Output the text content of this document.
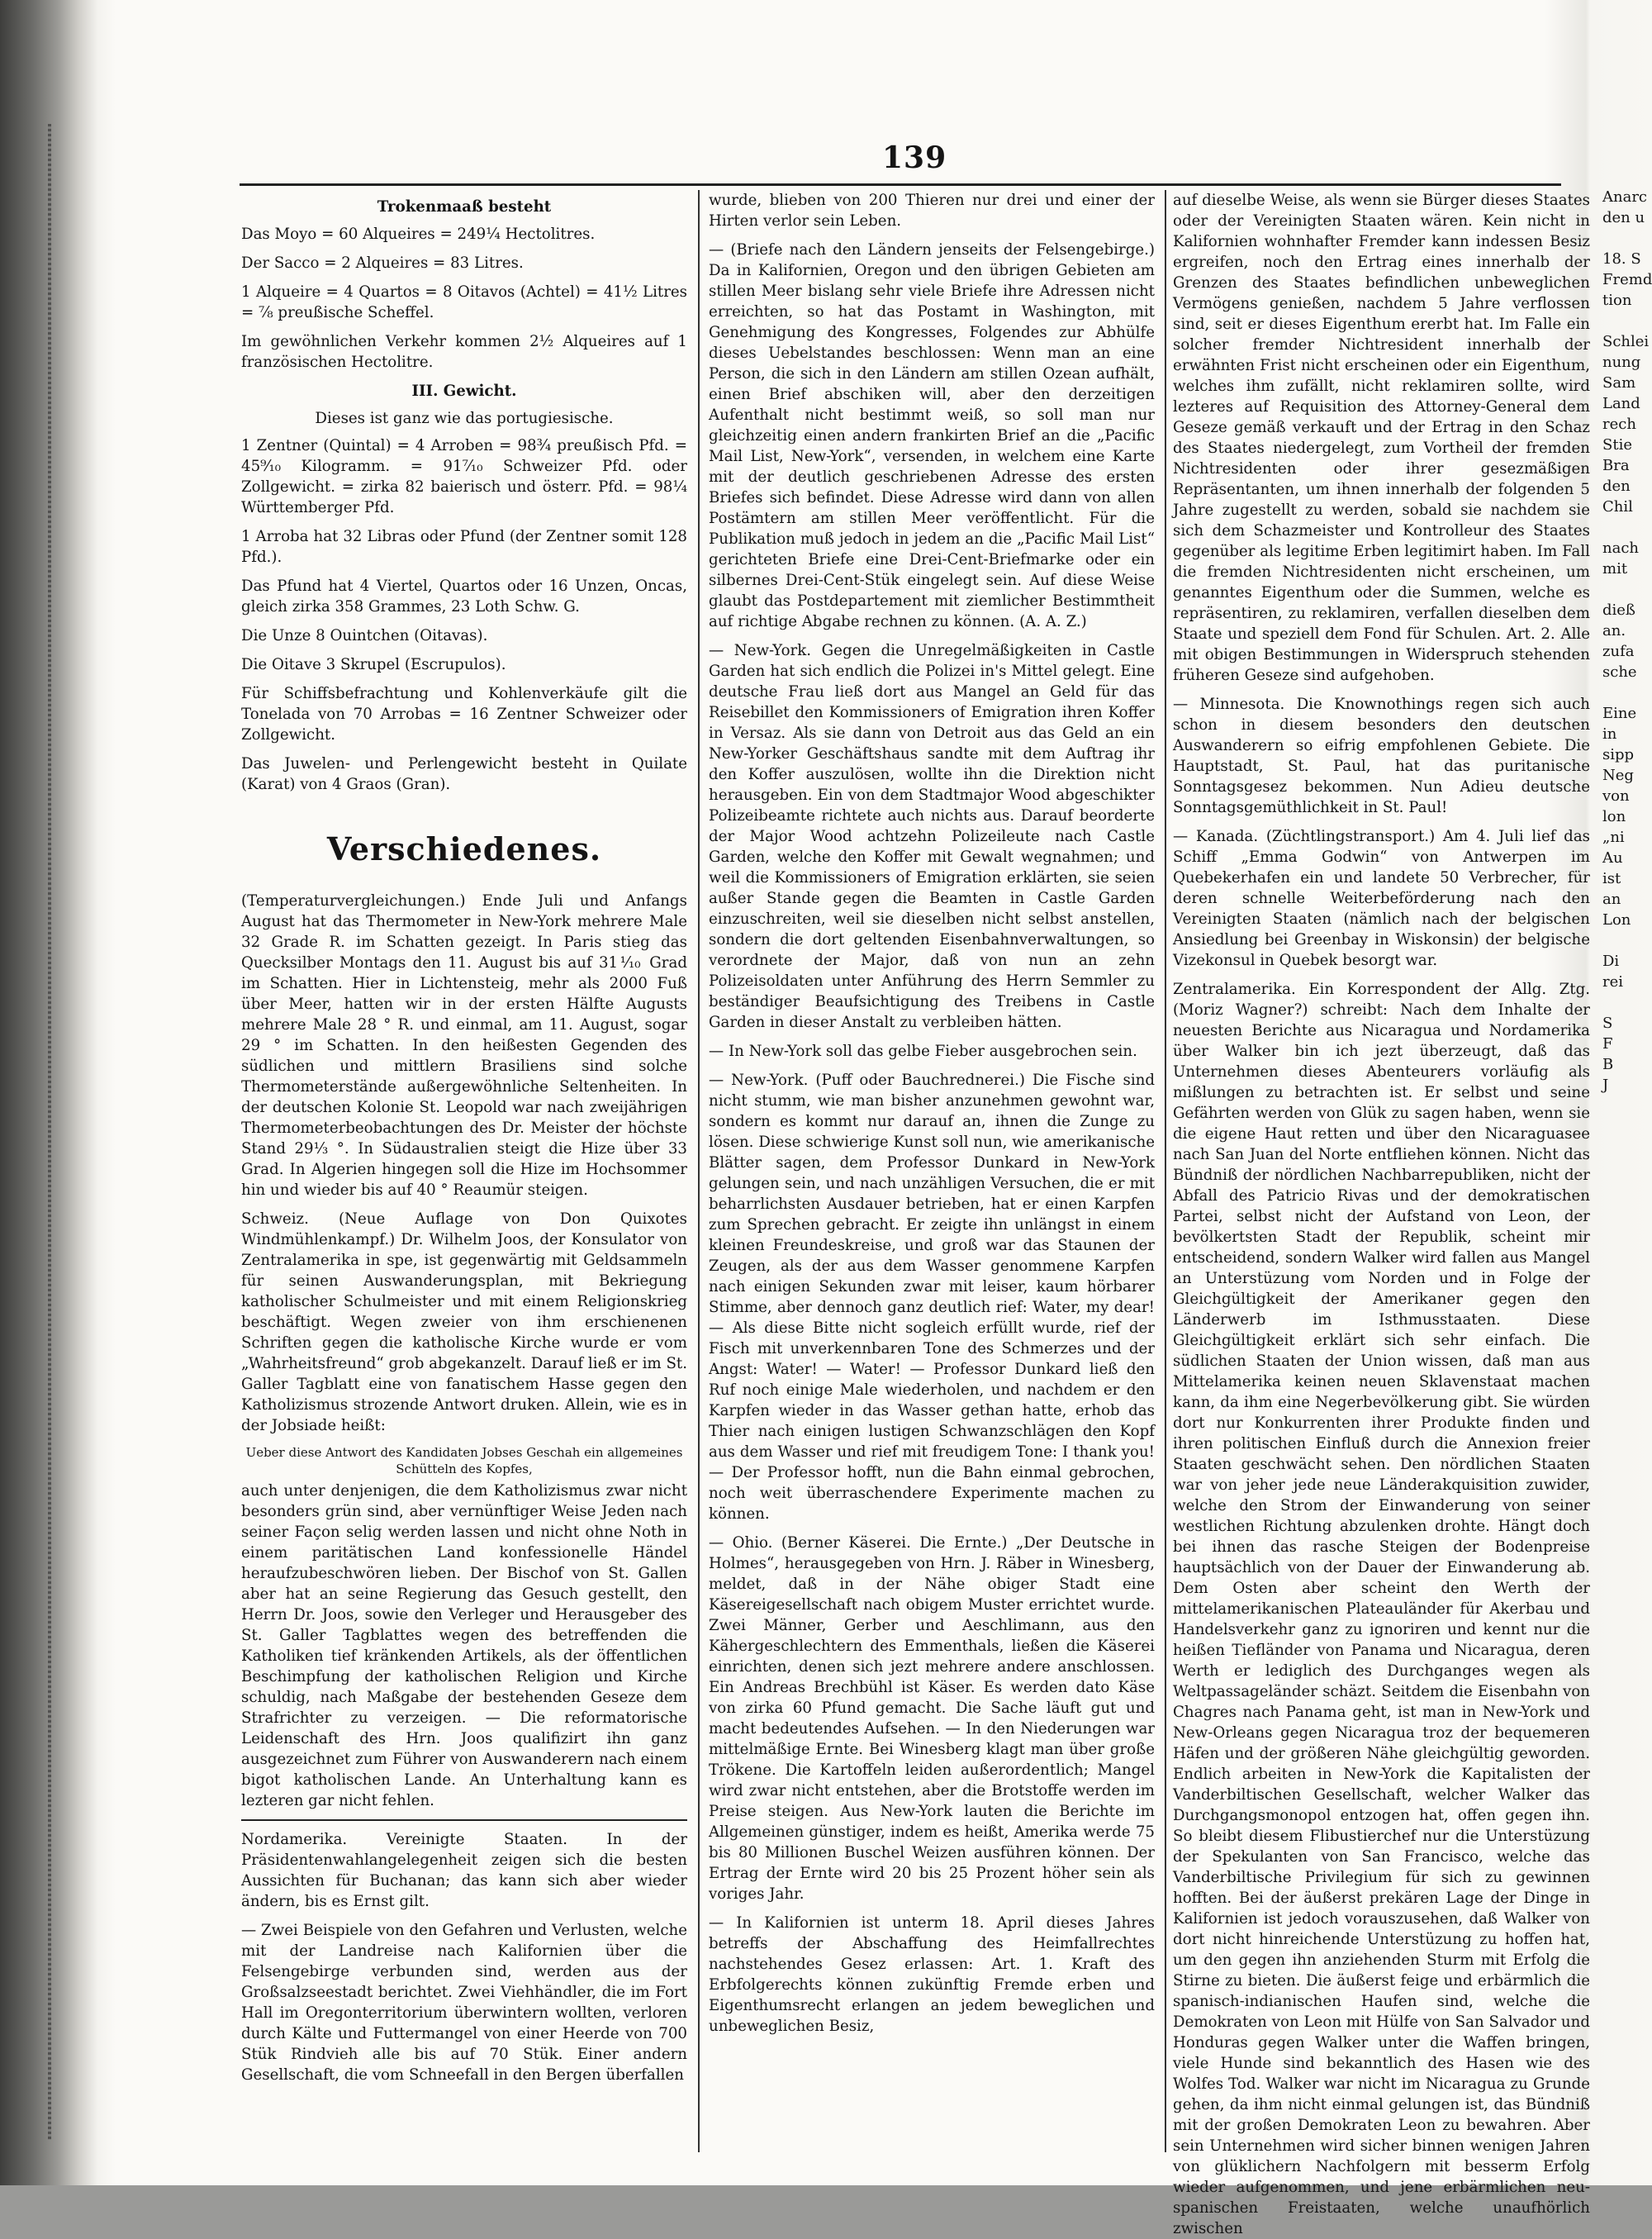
139

Trokenmaaß besteht

Das Moyo = 60 Alqueires = 249¼ Hectolitres.

Der Sacco = 2 Alqueires = 83 Litres.

1 Alqueire = 4 Quartos = 8 Oitavos (Achtel) = 41½ Litres = ⅞ preußische Scheffel.

Im gewöhnlichen Verkehr kommen 2½ Alqueires auf 1 französischen Hectolitre.

III. Gewicht.

Dieses ist ganz wie das portugiesische.

1 Zentner (Quintal) = 4 Arroben = 98¾ preußisch Pfd. = 45⁹⁄₁₀ Kilogramm. = 91⁷⁄₁₀ Schweizer Pfd. oder Zollgewicht. = zirka 82 baierisch und österr. Pfd. = 98¼ Württemberger Pfd.

1 Arroba hat 32 Libras oder Pfund (der Zentner somit 128 Pfd.).

Das Pfund hat 4 Viertel, Quartos oder 16 Unzen, Oncas, gleich zirka 358 Grammes, 23 Loth Schw. G.

Die Unze 8 Ouintchen (Oitavas).

Die Oitave 3 Skrupel (Escrupulos).

Für Schiffsbefrachtung und Kohlenverkäufe gilt die Tonelada von 70 Arrobas = 16 Zentner Schweizer oder Zollgewicht.

Das Juwelen- und Perlengewicht besteht in Quilate (Karat) von 4 Graos (Gran).

Verschiedenes.

(Temperaturvergleichungen.) Ende Juli und Anfangs August hat das Thermometer in New-York mehrere Male 32 Grade R. im Schatten gezeigt. In Paris stieg das Quecksilber Montags den 11. August bis auf 31⅒ Grad im Schatten. Hier in Lichtensteig, mehr als 2000 Fuß über Meer, hatten wir in der ersten Hälfte Augusts mehrere Male 28 ° R. und einmal, am 11. August, sogar 29 ° im Schatten. In den heißesten Gegenden des südlichen und mittlern Brasiliens sind solche Thermometerstände außergewöhnliche Seltenheiten. In der deutschen Kolonie St. Leopold war nach zweijährigen Thermometerbeobachtungen des Dr. Meister der höchste Stand 29⅓ °. In Südaustralien steigt die Hize über 33 Grad. In Algerien hingegen soll die Hize im Hochsommer hin und wieder bis auf 40 ° Reaumür steigen.

Schweiz. (Neue Auflage von Don Quixotes Windmühlenkampf.) Dr. Wilhelm Joos, der Konsulator von Zentralamerika in spe, ist gegenwärtig mit Geldsammeln für seinen Auswanderungsplan, mit Bekriegung katholischer Schulmeister und mit einem Religionskrieg beschäftigt. Wegen zweier von ihm erschienenen Schriften gegen die katholische Kirche wurde er vom „Wahrheitsfreund“ grob abgekanzelt. Darauf ließ er im St. Galler Tagblatt eine von fanatischem Hasse gegen den Katholizismus strozende Antwort druken. Allein, wie es in der Jobsiade heißt:

Ueber diese Antwort des Kandidaten Jobses Geschah ein allgemeines Schütteln des Kopfes,

auch unter denjenigen, die dem Katholizismus zwar nicht besonders grün sind, aber vernünftiger Weise Jeden nach seiner Façon selig werden lassen und nicht ohne Noth in einem paritätischen Land konfessionelle Händel heraufzubeschwören lieben. Der Bischof von St. Gallen aber hat an seine Regierung das Gesuch gestellt, den Herrn Dr. Joos, sowie den Verleger und Herausgeber des St. Galler Tagblattes wegen des betreffenden die Katholiken tief kränkenden Artikels, als der öffentlichen Beschimpfung der katholischen Religion und Kirche schuldig, nach Maßgabe der bestehenden Geseze dem Strafrichter zu verzeigen. — Die reformatorische Leidenschaft des Hrn. Joos qualifizirt ihn ganz ausgezeichnet zum Führer von Auswanderern nach einem bigot katholischen Lande. An Unterhaltung kann es lezteren gar nicht fehlen.

Nordamerika. Vereinigte Staaten. In der Präsidentenwahlangelegenheit zeigen sich die besten Aussichten für Buchanan; das kann sich aber wieder ändern, bis es Ernst gilt.

— Zwei Beispiele von den Gefahren und Verlusten, welche mit der Landreise nach Kalifornien über die Felsengebirge verbunden sind, werden aus der Großsalzseestadt berichtet. Zwei Viehhändler, die im Fort Hall im Oregonterritorium überwintern wollten, verloren durch Kälte und Futtermangel von einer Heerde von 700 Stük Rindvieh alle bis auf 70 Stük. Einer andern Gesellschaft, die vom Schneefall in den Bergen überfallen

wurde, blieben von 200 Thieren nur drei und einer der Hirten verlor sein Leben.

— (Briefe nach den Ländern jenseits der Felsengebirge.) Da in Kalifornien, Oregon und den übrigen Gebieten am stillen Meer bislang sehr viele Briefe ihre Adressen nicht erreichten, so hat das Postamt in Washington, mit Genehmigung des Kongresses, Folgendes zur Abhülfe dieses Uebelstandes beschlossen: Wenn man an eine Person, die sich in den Ländern am stillen Ozean aufhält, einen Brief abschiken will, aber den derzeitigen Aufenthalt nicht bestimmt weiß, so soll man nur gleichzeitig einen andern frankirten Brief an die „Pacific Mail List, New-York“, versenden, in welchem eine Karte mit der deutlich geschriebenen Adresse des ersten Briefes sich befindet. Diese Adresse wird dann von allen Postämtern am stillen Meer veröffentlicht. Für die Publikation muß jedoch in jedem an die „Pacific Mail List“ gerichteten Briefe eine Drei-Cent-Briefmarke oder ein silbernes Drei-Cent-Stük eingelegt sein. Auf diese Weise glaubt das Postdepartement mit ziemlicher Bestimmtheit auf richtige Abgabe rechnen zu können. (A. A. Z.)

— New-York. Gegen die Unregelmäßigkeiten in Castle Garden hat sich endlich die Polizei in's Mittel gelegt. Eine deutsche Frau ließ dort aus Mangel an Geld für das Reisebillet den Kommissioners of Emigration ihren Koffer in Versaz. Als sie dann von Detroit aus das Geld an ein New-Yorker Geschäftshaus sandte mit dem Auftrag ihr den Koffer auszulösen, wollte ihn die Direktion nicht herausgeben. Ein von dem Stadtmajor Wood abgeschikter Polizeibeamte richtete auch nichts aus. Darauf beorderte der Major Wood achtzehn Polizeileute nach Castle Garden, welche den Koffer mit Gewalt wegnahmen; und weil die Kommissioners of Emigration erklärten, sie seien außer Stande gegen die Beamten in Castle Garden einzuschreiten, weil sie dieselben nicht selbst anstellen, sondern die dort geltenden Eisenbahnverwaltungen, so verordnete der Major, daß von nun an zehn Polizeisoldaten unter Anführung des Herrn Semmler zu beständiger Beaufsichtigung des Treibens in Castle Garden in dieser Anstalt zu verbleiben hätten.

— In New-York soll das gelbe Fieber ausgebrochen sein.

— New-York. (Puff oder Bauchrednerei.) Die Fische sind nicht stumm, wie man bisher anzunehmen gewohnt war, sondern es kommt nur darauf an, ihnen die Zunge zu lösen. Diese schwierige Kunst soll nun, wie amerikanische Blätter sagen, dem Professor Dunkard in New-York gelungen sein, und nach unzähligen Versuchen, die er mit beharrlichsten Ausdauer betrieben, hat er einen Karpfen zum Sprechen gebracht. Er zeigte ihn unlängst in einem kleinen Freundeskreise, und groß war das Staunen der Zeugen, als der aus dem Wasser genommene Karpfen nach einigen Sekunden zwar mit leiser, kaum hörbarer Stimme, aber dennoch ganz deutlich rief: Water, my dear! — Als diese Bitte nicht sogleich erfüllt wurde, rief der Fisch mit unverkennbaren Tone des Schmerzes und der Angst: Water! — Water! — Professor Dunkard ließ den Ruf noch einige Male wiederholen, und nachdem er den Karpfen wieder in das Wasser gethan hatte, erhob das Thier nach einigen lustigen Schwanzschlägen den Kopf aus dem Wasser und rief mit freudigem Tone: I thank you! — Der Professor hofft, nun die Bahn einmal gebrochen, noch weit überraschendere Experimente machen zu können.

— Ohio. (Berner Käserei. Die Ernte.) „Der Deutsche in Holmes“, herausgegeben von Hrn. J. Räber in Winesberg, meldet, daß in der Nähe obiger Stadt eine Käsereigesellschaft nach obigem Muster errichtet wurde. Zwei Männer, Gerber und Aeschlimann, aus den Kähergeschlechtern des Emmenthals, ließen die Käserei einrichten, denen sich jezt mehrere andere anschlossen. Ein Andreas Brechbühl ist Käser. Es werden dato Käse von zirka 60 Pfund gemacht. Die Sache läuft gut und macht bedeutendes Aufsehen. — In den Niederungen war mittelmäßige Ernte. Bei Winesberg klagt man über große Trökene. Die Kartoffeln leiden außerordentlich; Mangel wird zwar nicht entstehen, aber die Brotstoffe werden im Preise steigen. Aus New-York lauten die Berichte im Allgemeinen günstiger, indem es heißt, Amerika werde 75 bis 80 Millionen Buschel Weizen ausführen können. Der Ertrag der Ernte wird 20 bis 25 Prozent höher sein als voriges Jahr.

— In Kalifornien ist unterm 18. April dieses Jahres betreffs der Abschaffung des Heimfallrechtes nachstehendes Gesez erlassen: Art. 1. Kraft des Erbfolgerechts können zukünftig Fremde erben und Eigenthumsrecht erlangen an jedem beweglichen und unbeweglichen Besiz,

auf dieselbe Weise, als wenn sie Bürger dieses Staates oder der Vereinigten Staaten wären. Kein nicht in Kalifornien wohnhafter Fremder kann indessen Besiz ergreifen, noch den Ertrag eines innerhalb der Grenzen des Staates befindlichen unbeweglichen Vermögens genießen, nachdem 5 Jahre verflossen sind, seit er dieses Eigenthum ererbt hat. Im Falle ein solcher fremder Nichtresident innerhalb der erwähnten Frist nicht erscheinen oder ein Eigenthum, welches ihm zufällt, nicht reklamiren sollte, wird lezteres auf Requisition des Attorney-General dem Geseze gemäß verkauft und der Ertrag in den Schaz des Staates niedergelegt, zum Vortheil der fremden Nichtresidenten oder ihrer gesezmäßigen Repräsentanten, um ihnen innerhalb der folgenden 5 Jahre zugestellt zu werden, sobald sie nachdem sie sich dem Schazmeister und Kontrolleur des Staates gegenüber als legitime Erben legitimirt haben. Im Fall die fremden Nichtresidenten nicht erscheinen, um genanntes Eigenthum oder die Summen, welche es repräsentiren, zu reklamiren, verfallen dieselben dem Staate und speziell dem Fond für Schulen. Art. 2. Alle mit obigen Bestimmungen in Widerspruch stehenden früheren Geseze sind aufgehoben.

— Minnesota. Die Knownothings regen sich auch schon in diesem besonders den deutschen Auswanderern so eifrig empfohlenen Gebiete. Die Hauptstadt, St. Paul, hat das puritanische Sonntagsgesez bekommen. Nun Adieu deutsche Sonntagsgemüthlichkeit in St. Paul!

— Kanada. (Züchtlingstransport.) Am 4. Juli lief das Schiff „Emma Godwin“ von Antwerpen im Quebekerhafen ein und landete 50 Verbrecher, für deren schnelle Weiterbeförderung nach den Vereinigten Staaten (nämlich nach der belgischen Ansiedlung bei Greenbay in Wiskonsin) der belgische Vizekonsul in Quebek besorgt war.

Zentralamerika. Ein Korrespondent der Allg. Ztg. (Moriz Wagner?) schreibt: Nach dem Inhalte der neuesten Berichte aus Nicaragua und Nordamerika über Walker bin ich jezt überzeugt, daß das Unternehmen dieses Abenteurers vorläufig als mißlungen zu betrachten ist. Er selbst und seine Gefährten werden von Glük zu sagen haben, wenn sie die eigene Haut retten und über den Nicaraguasee nach San Juan del Norte entfliehen können. Nicht das Bündniß der nördlichen Nachbarrepubliken, nicht der Abfall des Patricio Rivas und der demokratischen Partei, selbst nicht der Aufstand von Leon, der bevölkertsten Stadt der Republik, scheint mir entscheidend, sondern Walker wird fallen aus Mangel an Unterstüzung vom Norden und in Folge der Gleichgültigkeit der Amerikaner gegen den Länderwerb im Isthmusstaaten. Diese Gleichgültigkeit erklärt sich sehr einfach. Die südlichen Staaten der Union wissen, daß man aus Mittelamerika keinen neuen Sklavenstaat machen kann, da ihm eine Negerbevölkerung gibt. Sie würden dort nur Konkurrenten ihrer Produkte finden und ihren politischen Einfluß durch die Annexion freier Staaten geschwächt sehen. Den nördlichen Staaten war von jeher jede neue Länderakquisition zuwider, welche den Strom der Einwanderung von seiner westlichen Richtung abzulenken drohte. Hängt doch bei ihnen das rasche Steigen der Bodenpreise hauptsächlich von der Dauer der Einwanderung ab. Dem Osten aber scheint den Werth der mittelamerikanischen Plateauländer für Akerbau und Handelsverkehr ganz zu ignoriren und kennt nur die heißen Tiefländer von Panama und Nicaragua, deren Werth er lediglich des Durchganges wegen als Weltpassageländer schäzt. Seitdem die Eisenbahn von Chagres nach Panama geht, ist man in New-York und New-Orleans gegen Nicaragua troz der bequemeren Häfen und der größeren Nähe gleichgültig geworden. Endlich arbeiten in New-York die Kapitalisten der Vanderbiltischen Gesellschaft, welcher Walker das Durchgangsmonopol entzogen hat, offen gegen ihn. So bleibt diesem Flibustierchef nur die Unterstüzung der Spekulanten von San Francisco, welche das Vanderbiltische Privilegium für sich zu gewinnen hofften. Bei der äußerst prekären Lage der Dinge in Kalifornien ist jedoch vorauszusehen, daß Walker von dort nicht hinreichende Unterstüzung zu hoffen hat, um den gegen ihn anziehenden Sturm mit Erfolg die Stirne zu bieten. Die äußerst feige und erbärmlich die spanisch-indianischen Haufen sind, welche die Demokraten von Leon mit Hülfe von San Salvador und Honduras gegen Walker unter die Waffen bringen, viele Hunde sind bekanntlich des Hasen wie des Wolfes Tod. Walker war nicht im Nicaragua zu Grunde gehen, da ihm nicht einmal gelungen ist, das Bündniß mit der großen Demokraten Leon zu bewahren. Aber sein Unternehmen wird sicher binnen wenigen Jahren von glüklichern Nachfolgern mit besserm Erfolg wieder aufgenommen, und jene erbärmlichen neu-spanischen Freistaaten, welche unaufhörlich zwischen

Anarc

den u

18. S

Fremd

tion

Schlei

nung

Sam

Land

rech

Stie

Bra

den

Chil

nach

mit

dieß

an.

zufa

sche

Eine

in

sipp

Neg

von

lon

„ni

Au

ist

an

Lon

Di

rei

S

F

B

J
